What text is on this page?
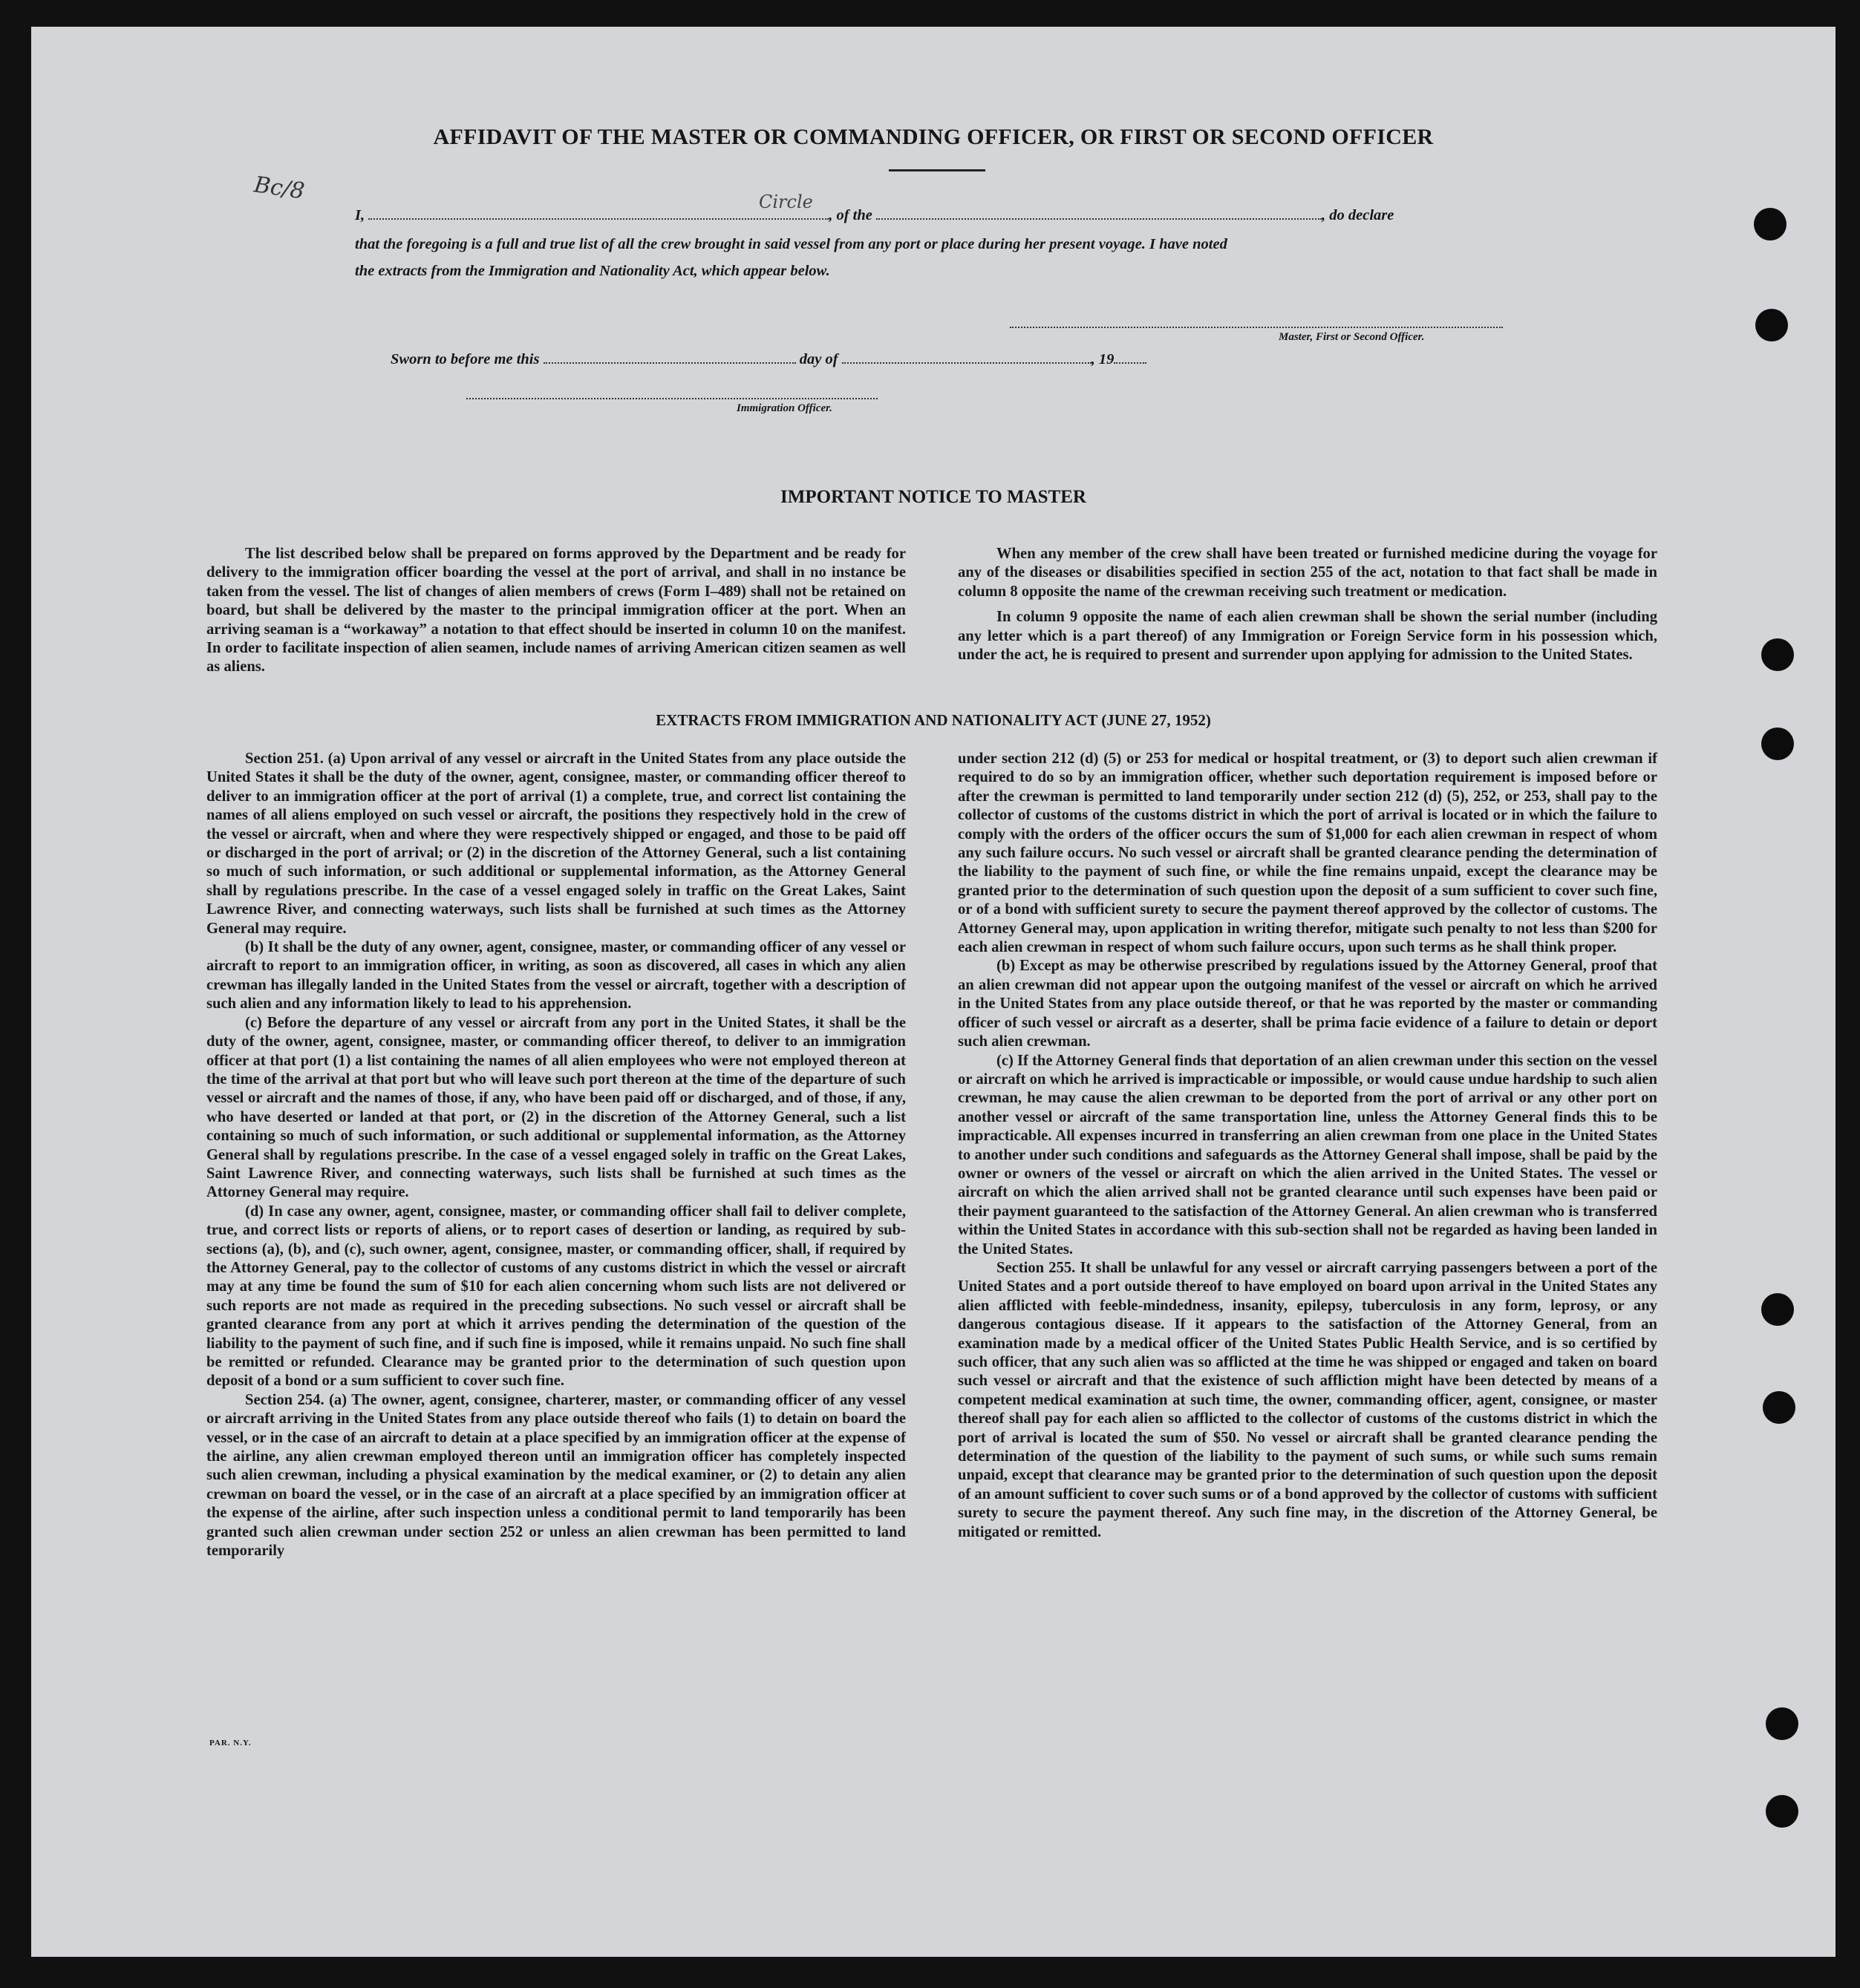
AFFIDAVIT OF THE MASTER OR COMMANDING OFFICER, OR FIRST OR SECOND OFFICER
Bc/8
I,	, of the	, do declare
Circle
that the foregoing is a full and true list of all the crew brought in said vessel from any port or place during her present voyage. I have noted
the extracts from the Immigration and Nationality Act, which appear below.
Master, First or Second Officer.
Sworn to before me this	day of	, 19
Immigration Officer.
IMPORTANT NOTICE TO MASTER

The list described below shall be prepared on forms approved by the Department and be ready for delivery to the immigration officer boarding the vessel at the port of arrival, and shall in no instance be taken from the vessel. The list of changes of alien members of crews (Form I–489) shall not be retained on board, but shall be delivered by the master to the principal immigration officer at the port. When an arriving seaman is a “workaway” a notation to that effect should be inserted in column 10 on the manifest. In order to facilitate inspection of alien seamen, include names of arriving American citizen seamen as well as aliens.

When any member of the crew shall have been treated or furnished medicine during the voyage for any of the diseases or disabilities specified in section 255 of the act, notation to that fact shall be made in column 8 opposite the name of the crewman receiving such treatment or medication.

In column 9 opposite the name of each alien crewman shall be shown the serial number (including any letter which is a part thereof) of any Immigration or Foreign Service form in his possession which, under the act, he is required to present and surrender upon applying for admission to the United States.

EXTRACTS FROM IMMIGRATION AND NATIONALITY ACT (JUNE 27, 1952)

Section 251. (a) Upon arrival of any vessel or aircraft in the United States from any place outside the United States it shall be the duty of the owner, agent, consignee, master, or commanding officer thereof to deliver to an immigration officer at the port of arrival (1) a complete, true, and correct list containing the names of all aliens employed on such vessel or aircraft, the positions they respectively hold in the crew of the vessel or aircraft, when and where they were respectively shipped or engaged, and those to be paid off or discharged in the port of arrival; or (2) in the discretion of the Attorney General, such a list containing so much of such information, or such additional or supplemental information, as the Attorney General shall by regulations prescribe. In the case of a vessel engaged solely in traffic on the Great Lakes, Saint Lawrence River, and connecting waterways, such lists shall be furnished at such times as the Attorney General may require.

(b) It shall be the duty of any owner, agent, consignee, master, or commanding officer of any vessel or aircraft to report to an immigration officer, in writing, as soon as discovered, all cases in which any alien crewman has illegally landed in the United States from the vessel or aircraft, together with a description of such alien and any information likely to lead to his apprehension.

(c) Before the departure of any vessel or aircraft from any port in the United States, it shall be the duty of the owner, agent, consignee, master, or commanding officer thereof, to deliver to an immigration officer at that port (1) a list containing the names of all alien employees who were not employed thereon at the time of the arrival at that port but who will leave such port thereon at the time of the departure of such vessel or aircraft and the names of those, if any, who have been paid off or discharged, and of those, if any, who have deserted or landed at that port, or (2) in the discretion of the Attorney General, such a list containing so much of such information, or such additional or supplemental information, as the Attorney General shall by regulations prescribe. In the case of a vessel engaged solely in traffic on the Great Lakes, Saint Lawrence River, and connecting waterways, such lists shall be furnished at such times as the Attorney General may require.

(d) In case any owner, agent, consignee, master, or commanding officer shall fail to deliver complete, true, and correct lists or reports of aliens, or to report cases of desertion or landing, as required by sub-sections (a), (b), and (c), such owner, agent, consignee, master, or commanding officer, shall, if required by the Attorney General, pay to the collector of customs of any customs district in which the vessel or aircraft may at any time be found the sum of $10 for each alien concerning whom such lists are not delivered or such reports are not made as required in the preceding subsections. No such vessel or aircraft shall be granted clearance from any port at which it arrives pending the determination of the question of the liability to the payment of such fine, and if such fine is imposed, while it remains unpaid. No such fine shall be remitted or refunded. Clearance may be granted prior to the determination of such question upon deposit of a bond or a sum sufficient to cover such fine.

Section 254. (a) The owner, agent, consignee, charterer, master, or commanding officer of any vessel or aircraft arriving in the United States from any place outside thereof who fails (1) to detain on board the vessel, or in the case of an aircraft to detain at a place specified by an immigration officer at the expense of the airline, any alien crewman employed thereon until an immigration officer has completely inspected such alien crewman, including a physical examination by the medical examiner, or (2) to detain any alien crewman on board the vessel, or in the case of an aircraft at a place specified by an immigration officer at the expense of the airline, after such inspection unless a conditional permit to land temporarily has been granted such alien crewman under section 252 or unless an alien crewman has been permitted to land temporarily

under section 212 (d) (5) or 253 for medical or hospital treatment, or (3) to deport such alien crewman if required to do so by an immigration officer, whether such deportation requirement is imposed before or after the crewman is permitted to land temporarily under section 212 (d) (5), 252, or 253, shall pay to the collector of customs of the customs district in which the port of arrival is located or in which the failure to comply with the orders of the officer occurs the sum of $1,000 for each alien crewman in respect of whom any such failure occurs. No such vessel or aircraft shall be granted clearance pending the determination of the liability to the payment of such fine, or while the fine remains unpaid, except the clearance may be granted prior to the determination of such question upon the deposit of a sum sufficient to cover such fine, or of a bond with sufficient surety to secure the payment thereof approved by the collector of customs. The Attorney General may, upon application in writing therefor, mitigate such penalty to not less than $200 for each alien crewman in respect of whom such failure occurs, upon such terms as he shall think proper.

(b) Except as may be otherwise prescribed by regulations issued by the Attorney General, proof that an alien crewman did not appear upon the outgoing manifest of the vessel or aircraft on which he arrived in the United States from any place outside thereof, or that he was reported by the master or commanding officer of such vessel or aircraft as a deserter, shall be prima facie evidence of a failure to detain or deport such alien crewman.

(c) If the Attorney General finds that deportation of an alien crewman under this section on the vessel or aircraft on which he arrived is impracticable or impossible, or would cause undue hardship to such alien crewman, he may cause the alien crewman to be deported from the port of arrival or any other port on another vessel or aircraft of the same transportation line, unless the Attorney General finds this to be impracticable. All expenses incurred in transferring an alien crewman from one place in the United States to another under such conditions and safeguards as the Attorney General shall impose, shall be paid by the owner or owners of the vessel or aircraft on which the alien arrived in the United States. The vessel or aircraft on which the alien arrived shall not be granted clearance until such expenses have been paid or their payment guaranteed to the satisfaction of the Attorney General. An alien crewman who is transferred within the United States in accordance with this sub-section shall not be regarded as having been landed in the United States.

Section 255. It shall be unlawful for any vessel or aircraft carrying passengers between a port of the United States and a port outside thereof to have employed on board upon arrival in the United States any alien afflicted with feeble-mindedness, insanity, epilepsy, tuberculosis in any form, leprosy, or any dangerous contagious disease. If it appears to the satisfaction of the Attorney General, from an examination made by a medical officer of the United States Public Health Service, and is so certified by such officer, that any such alien was so afflicted at the time he was shipped or engaged and taken on board such vessel or aircraft and that the existence of such affliction might have been detected by means of a competent medical examination at such time, the owner, commanding officer, agent, consignee, or master thereof shall pay for each alien so afflicted to the collector of customs of the customs district in which the port of arrival is located the sum of $50. No vessel or aircraft shall be granted clearance pending the determination of the question of the liability to the payment of such sums, or while such sums remain unpaid, except that clearance may be granted prior to the determination of such question upon the deposit of an amount sufficient to cover such sums or of a bond approved by the collector of customs with sufficient surety to secure the payment thereof. Any such fine may, in the discretion of the Attorney General, be mitigated or remitted.

PAR. N.Y.
